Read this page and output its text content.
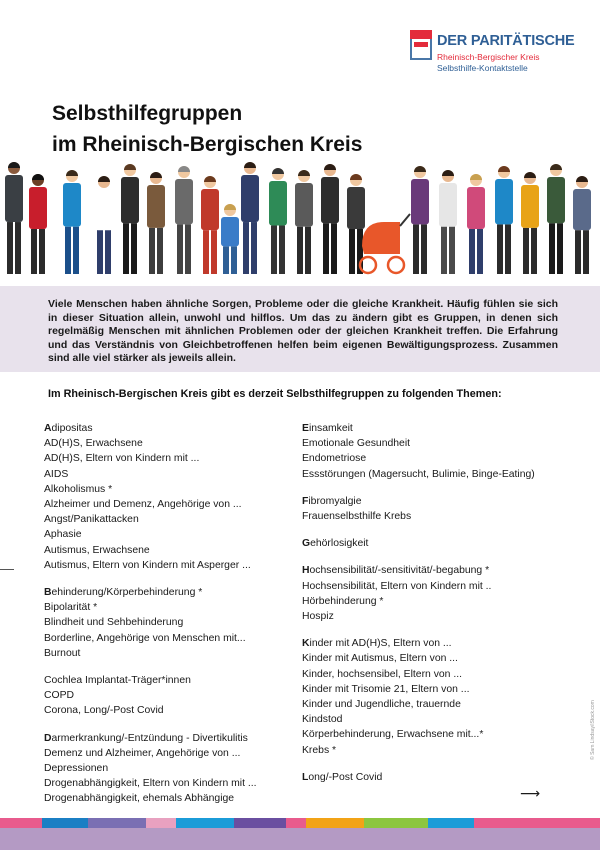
DER PARITÄTISCHE
Rheinisch-Bergischer Kreis
Selbsthilfe-Kontaktstelle
Selbsthilfegruppen
im Rheinisch-Bergischen Kreis
Viele Menschen haben ähnliche Sorgen, Probleme oder die gleiche Krankheit. Häufig fühlen sie sich in dieser Situation allein, unwohl und hilflos. Um das zu ändern gibt es Gruppen, in denen sich regelmäßig Menschen mit ähnlichen Problemen oder der gleichen Krankheit treffen. Die Erfahrung und das Verständnis von Gleichbetroffenen helfen beim eigenen Bewältigungsprozess. Zusammen sind alle viel stärker als jeweils allein.
Im Rheinisch-Bergischen Kreis gibt es derzeit Selbsthilfegruppen zu folgenden Themen:
Adipositas
AD(H)S, Erwachsene
AD(H)S, Eltern von Kindern mit ...
AIDS
Alkoholismus *
Alzheimer und Demenz, Angehörige von ...
Angst/Panikattacken
Aphasie
Autismus, Erwachsene
Autismus, Eltern von Kindern mit Asperger ...
Behinderung/Körperbehinderung *
Bipolarität *
Blindheit und Sehbehinderung
Borderline, Angehörige von Menschen mit...
Burnout
Cochlea Implantat-Träger*innen
COPD
Corona, Long/-Post Covid
Darmerkrankung/-Entzündung - Divertikulitis
Demenz und Alzheimer, Angehörige von ...
Depressionen
Drogenabhängigkeit, Eltern von Kindern mit ...
Drogenabhängigkeit, ehemals Abhängige
Einsamkeit
Emotionale Gesundheit
Endometriose
Essstörungen (Magersucht, Bulimie, Binge-Eating)
Fibromyalgie
Frauenselbsthilfe Krebs
Gehörlosigkeit
Hochsensibilität/-sensitivität/-begabung *
Hochsensibilität, Eltern von Kindern mit ..
Hörbehinderung *
Hospiz
Kinder mit AD(H)S, Eltern von ...
Kinder mit Autismus, Eltern von ...
Kinder, hochsensibel, Eltern von ...
Kinder mit Trisomie 21, Eltern von ...
Kinder und Jugendliche, trauernde
Kindstod
Körperbehinderung, Erwachsene mit...*
Krebs *
Long/-Post Covid
⟶
© Sam Lindsay/iStock.com
